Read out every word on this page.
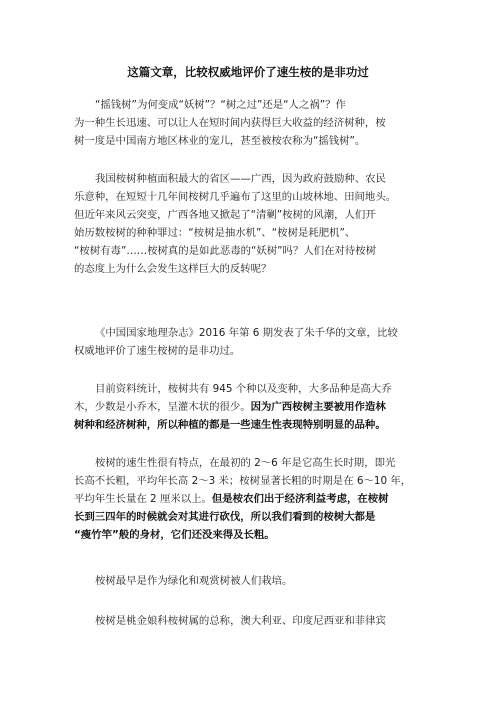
这篇文章，比较权威地评价了速生桉的是非功过
“摇钱树”为何变成“妖树”？“树之过”还是“人之祸”？作
为一种生长迅速、可以让人在短时间内获得巨大收益的经济树种，桉
树一度是中国南方地区林业的宠儿，甚至被桉农称为“摇钱树”。
我国桉树种植面积最大的省区——广西，因为政府鼓励种、农民
乐意种，在短短十几年间桉树几乎遍布了这里的山坡林地、田间地头。
但近年来风云突变，广西各地又掀起了“清剿”桉树的风潮，人们开
始历数桉树的种种罪过：“桉树是抽水机”、“桉树是耗肥机”、
“桉树有毒”……桉树真的是如此恶毒的“妖树”吗？人们在对待桉树
的态度上为什么会发生这样巨大的反转呢？
《中国国家地理杂志》2016 年第 6 期发表了朱千华的文章，比较
权威地评价了速生桉树的是非功过。
目前资料统计，桉树共有 945 个种以及变种，大多品种是高大乔
木，少数是小乔木，呈灌木状的很少。因为广西桉树主要被用作造林
树种和经济树种，所以种植的都是一些速生性表现特别明显的品种。
桉树的速生性很有特点，在最初的 2～6 年是它高生长时期，即光
长高不长粗，平均年长高 2～3 米；桉树显著长粗的时期是在 6～10 年，
平均年生长量在 2 厘米以上。但是桉农们出于经济利益考虑，在桉树
长到三四年的时候就会对其进行砍伐，所以我们看到的桉树大都是
“瘦竹竿”般的身材，它们还没来得及长粗。
桉树最早是作为绿化和观赏树被人们栽培。
桉树是桃金娘科桉树属的总称，澳大利亚、印度尼西亚和菲律宾
